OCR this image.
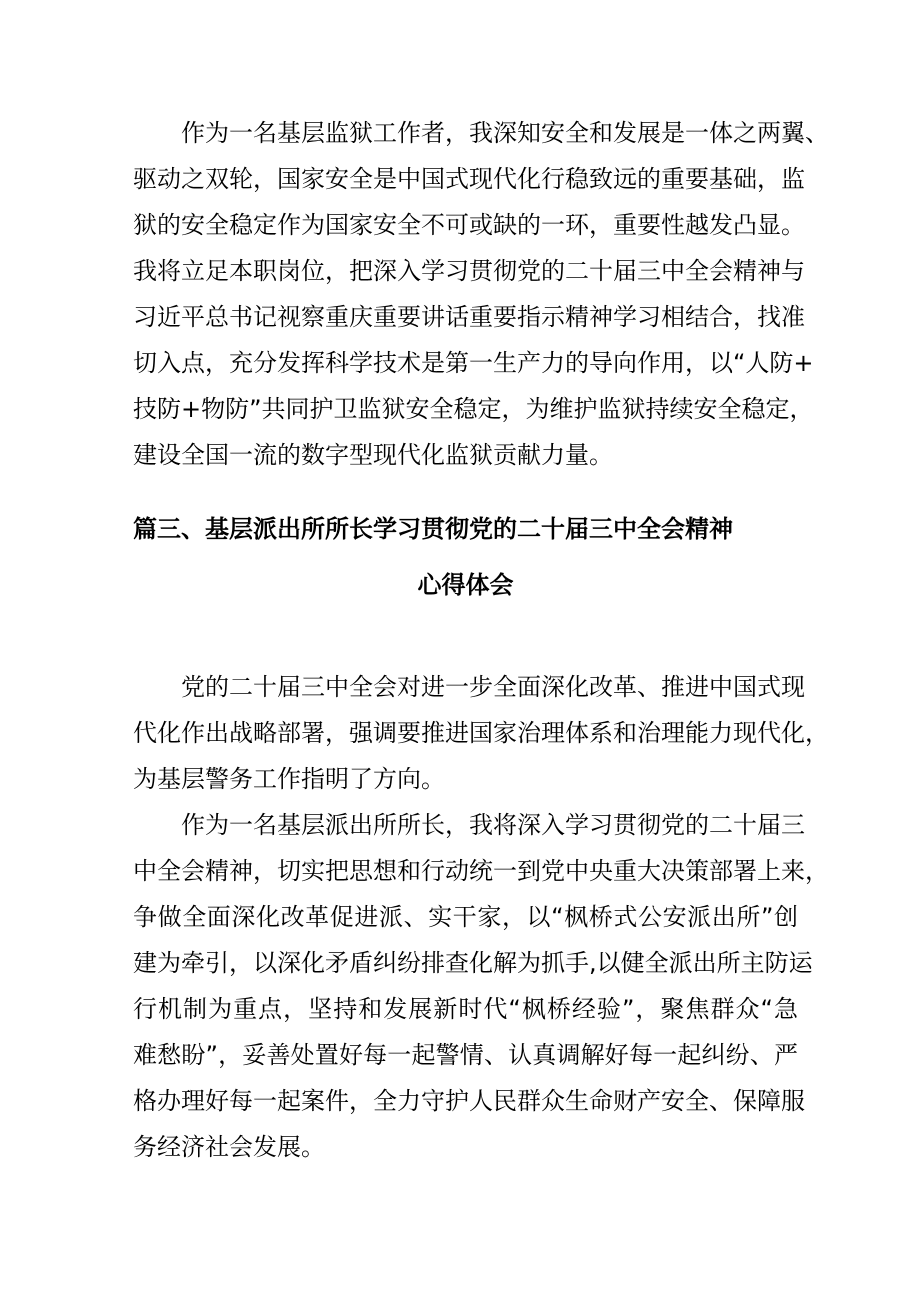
作为一名基层监狱工作者，我深知安全和发展是一体之两翼、
驱动之双轮，国家安全是中国式现代化行稳致远的重要基础，监
狱的安全稳定作为国家安全不可或缺的一环，重要性越发凸显。
我将立足本职岗位，把深入学习贯彻党的二十届三中全会精神与
习近平总书记视察重庆重要讲话重要指示精神学习相结合，找准
切入点，充分发挥科学技术是第一生产力的导向作用，以“人防+
技防+物防”共同护卫监狱安全稳定，为维护监狱持续安全稳定，
建设全国一流的数字型现代化监狱贡献力量。
篇三、基层派出所所长学习贯彻党的二十届三中全会精神
心得体会
党的二十届三中全会对进一步全面深化改革、推进中国式现
代化作出战略部署，强调要推进国家治理体系和治理能力现代化，
为基层警务工作指明了方向。
作为一名基层派出所所长，我将深入学习贯彻党的二十届三
中全会精神，切实把思想和行动统一到党中央重大决策部署上来，
争做全面深化改革促进派、实干家，以“枫桥式公安派出所”创
建为牵引，以深化矛盾纠纷排查化解为抓手,以健全派出所主防运
行机制为重点，坚持和发展新时代“枫桥经验”，聚焦群众“急
难愁盼”，妥善处置好每一起警情、认真调解好每一起纠纷、严
格办理好每一起案件，全力守护人民群众生命财产安全、保障服
务经济社会发展。
